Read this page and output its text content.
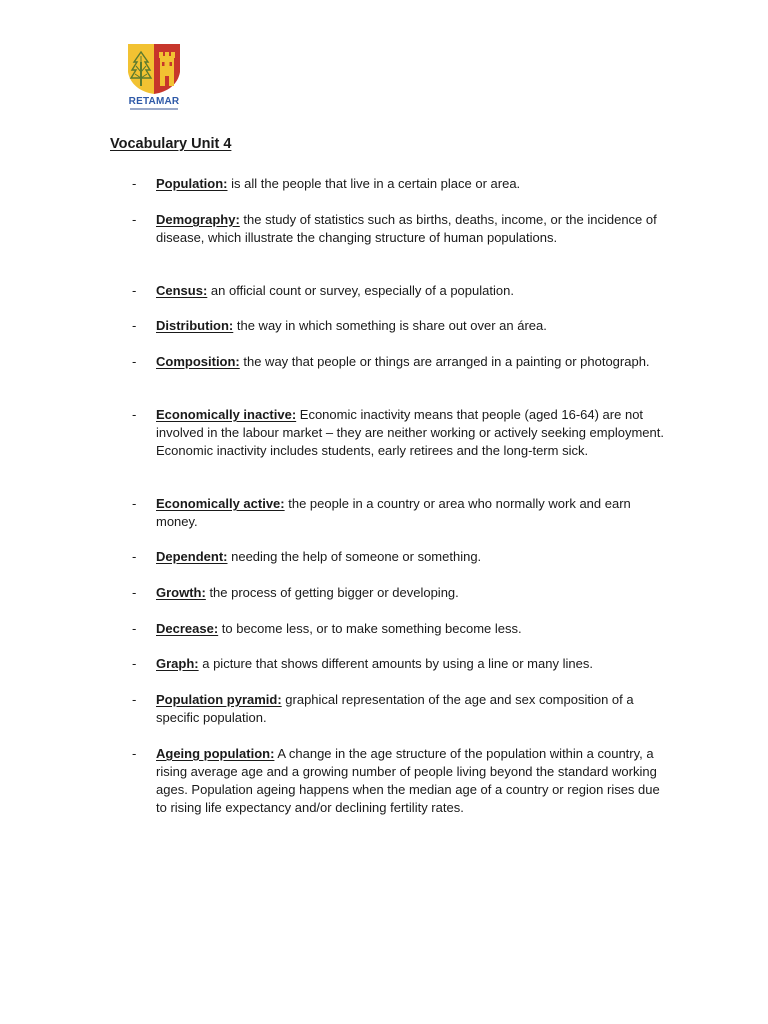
RETAMAR
Vocabulary Unit 4
- Population: is all the people that live in a certain place or area.

- Demography: the study of statistics such as births, deaths, income, or the incidence of disease, which illustrate the changing structure of human populations.

- Census: an official count or survey, especially of a population.

- Distribution: the way in which something is share out over an área.

- Composition: the way that people or things are arranged in a painting or photograph.

- Economically inactive: Economic inactivity means that people (aged 16-64) are not involved in the labour market – they are neither working or actively seeking employment. Economic inactivity includes students, early retirees and the long-term sick.

- Economically active: the people in a country or area who normally work and earn money.

- Dependent: needing the help of someone or something.

- Growth: the process of getting bigger or developing.

- Decrease: to become less, or to make something become less.

- Graph: a picture that shows different amounts by using a line or many lines.

- Population pyramid: graphical representation of the age and sex composition of a specific population.

- Ageing population: A change in the age structure of the population within a country, a rising average age and a growing number of people living beyond the standard working ages. Population ageing happens when the median age of a country or region rises due to rising life expectancy and/or declining fertility rates.
